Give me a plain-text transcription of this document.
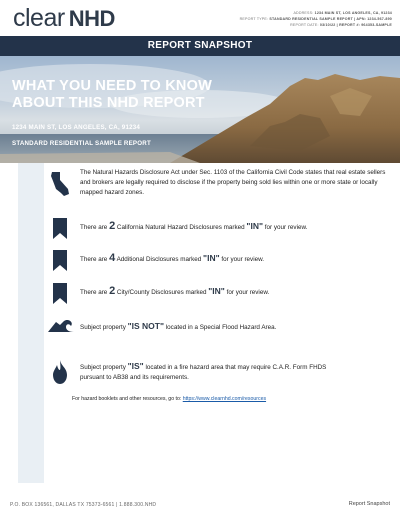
clear NHD	ADDRESS: 1234 MAIN ST, LOS ANGELES, CA, 91234
REPORT TYPE: STANDARD RESIDENTIAL SAMPLE REPORT | APN: 1234-567-890
REPORT DATE: 03/10/22 | REPORT #: 964353-SAMPLE
REPORT SNAPSHOT
WHAT YOU NEED TO KNOW
ABOUT THIS NHD REPORT
1234 MAIN ST, LOS ANGELES, CA, 91234
STANDARD RESIDENTIAL SAMPLE REPORT
The Natural Hazards Disclosure Act under Sec. 1103 of the California Civil Code states that real estate sellers and brokers are legally required to disclose if the property being sold lies within one or more state or locally mapped hazard zones.
There are 2 California Natural Hazard Disclosures marked "IN" for your review.
There are 4 Additional Disclosures marked "IN" for your review.
There are 2 City/County Disclosures marked "IN" for your review.
Subject property "IS NOT" located in a Special Flood Hazard Area.
Subject property "IS" located in a fire hazard area that may require C.A.R. Form FHDS
pursuant to AB38 and its requirements.
For hazard booklets and other resources, go to: https://www.clearnhd.com/resources
P.O. BOX 136561, DALLAS TX 75373-6561 | 1.888.300.NHD	Report Snapshot
